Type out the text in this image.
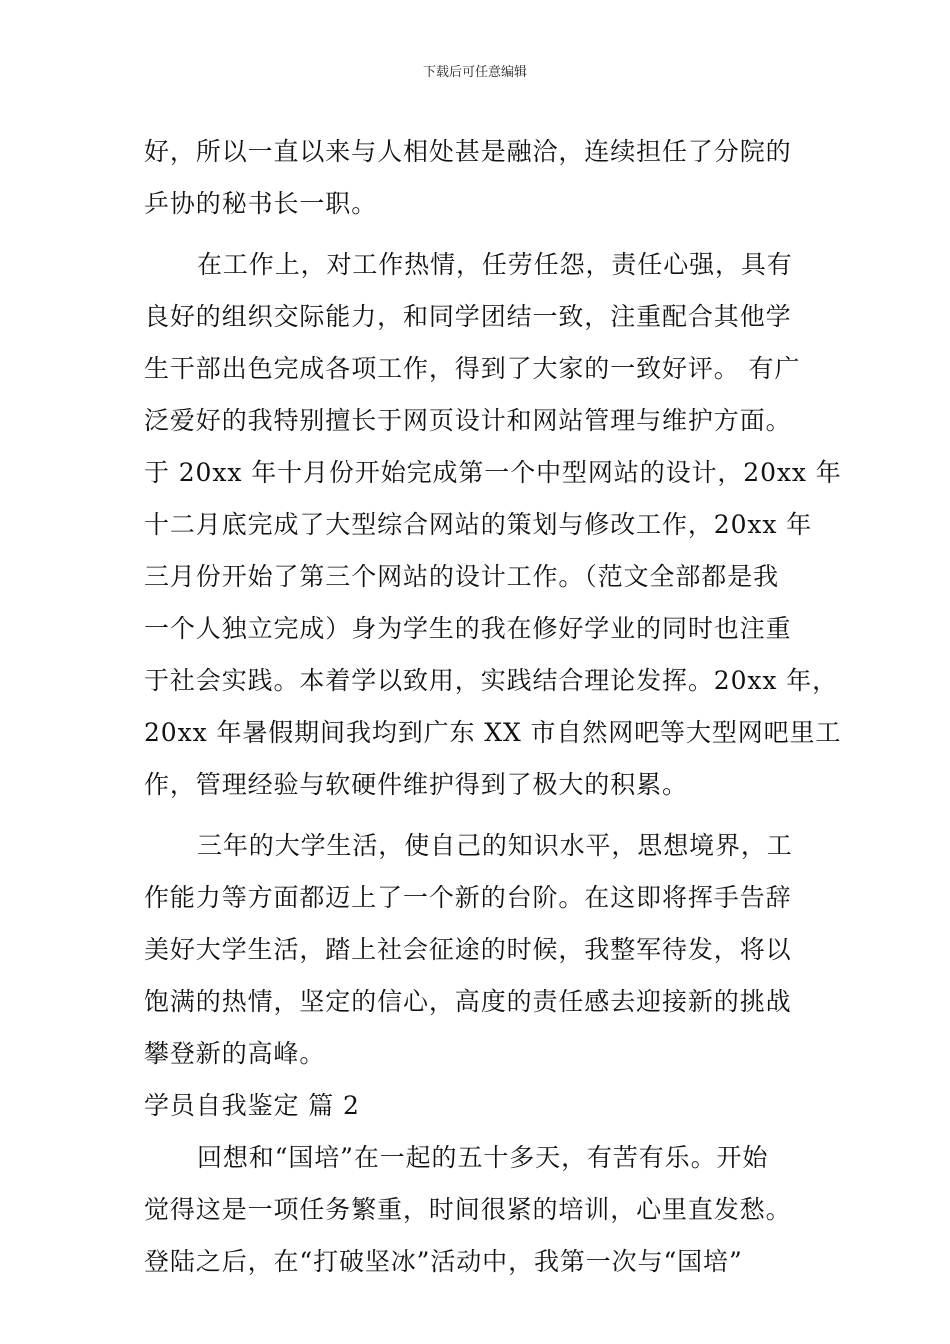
下载后可任意编辑
好，所以一直以来与人相处甚是融洽，连续担任了分院的
乒协的秘书长一职。
在工作上，对工作热情，任劳任怨，责任心强，具有
良好的组织交际能力，和同学团结一致，注重配合其他学
生干部出色完成各项工作，得到了大家的一致好评。 有广
泛爱好的我特别擅长于网页设计和网站管理与维护方面。
于 20xx 年十月份开始完成第一个中型网站的设计，20xx 年
十二月底完成了大型综合网站的策划与修改工作，20xx 年
三月份开始了第三个网站的设计工作。（范文全部都是我
一个人独立完成）身为学生的我在修好学业的同时也注重
于社会实践。本着学以致用，实践结合理论发挥。20xx 年，
20xx 年暑假期间我均到广东 XX 市自然网吧等大型网吧里工
作，管理经验与软硬件维护得到了极大的积累。
三年的大学生活，使自己的知识水平，思想境界，工
作能力等方面都迈上了一个新的台阶。在这即将挥手告辞
美好大学生活，踏上社会征途的时候，我整军待发，将以
饱满的热情，坚定的信心，高度的责任感去迎接新的挑战
攀登新的高峰。
学员自我鉴定 篇 2
回想和“国培”在一起的五十多天，有苦有乐。开始
觉得这是一项任务繁重，时间很紧的培训，心里直发愁。
登陆之后，在“打破坚冰”活动中，我第一次与“国培”
